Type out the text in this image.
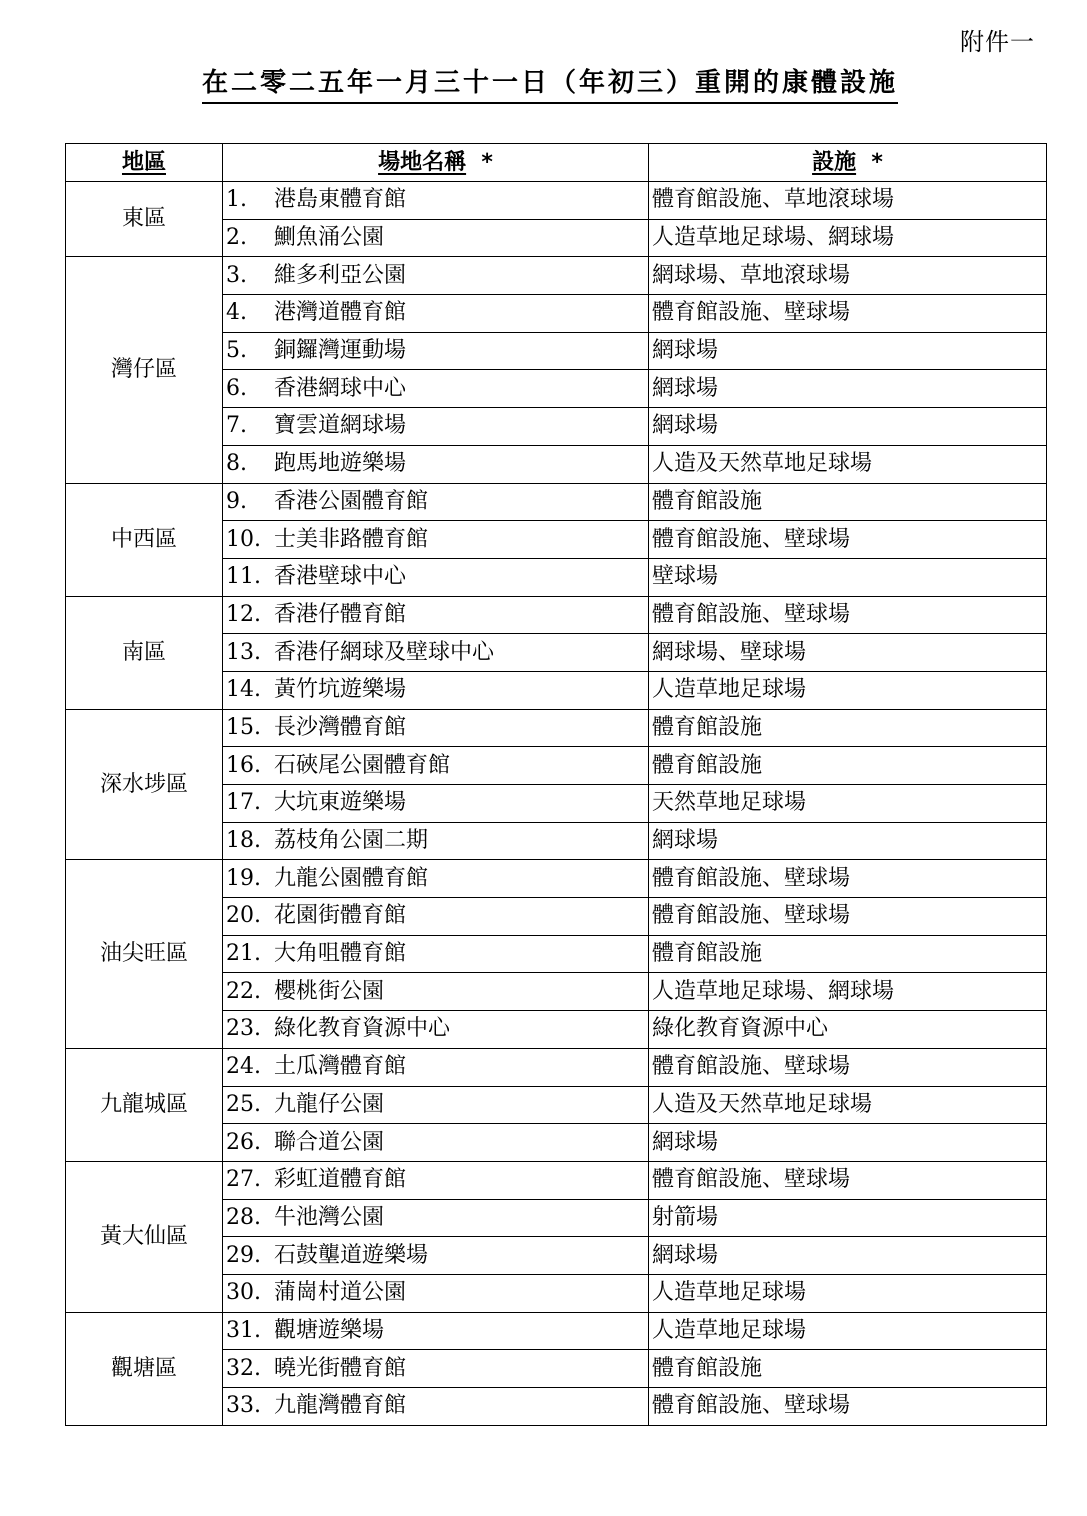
附件一
在二零二五年一月三十一日（年初三）重開的康體設施
地區	場地名稱 *	設施 *
東區	1. 港島東體育館	體育館設施、草地滾球場
	2. 鰂魚涌公園	人造草地足球場、網球場
灣仔區	3. 維多利亞公園	網球場、草地滾球場
	4. 港灣道體育館	體育館設施、壁球場
	5. 銅鑼灣運動場	網球場
	6. 香港網球中心	網球場
	7. 寶雲道網球場	網球場
	8. 跑馬地遊樂場	人造及天然草地足球場
中西區	9. 香港公園體育館	體育館設施
	10. 士美非路體育館	體育館設施、壁球場
	11. 香港壁球中心	壁球場
南區	12. 香港仔體育館	體育館設施、壁球場
	13. 香港仔網球及壁球中心	網球場、壁球場
	14. 黃竹坑遊樂場	人造草地足球場
深水埗區	15. 長沙灣體育館	體育館設施
	16. 石硤尾公園體育館	體育館設施
	17. 大坑東遊樂場	天然草地足球場
	18. 荔枝角公園二期	網球場
油尖旺區	19. 九龍公園體育館	體育館設施、壁球場
	20. 花園街體育館	體育館設施、壁球場
	21. 大角咀體育館	體育館設施
	22. 櫻桃街公園	人造草地足球場、網球場
	23. 綠化教育資源中心	綠化教育資源中心
九龍城區	24. 土瓜灣體育館	體育館設施、壁球場
	25. 九龍仔公園	人造及天然草地足球場
	26. 聯合道公園	網球場
黃大仙區	27. 彩虹道體育館	體育館設施、壁球場
	28. 牛池灣公園	射箭場
	29. 石鼓壟道遊樂場	網球場
	30. 蒲崗村道公園	人造草地足球場
觀塘區	31. 觀塘遊樂場	人造草地足球場
	32. 曉光街體育館	體育館設施
	33. 九龍灣體育館	體育館設施、壁球場
